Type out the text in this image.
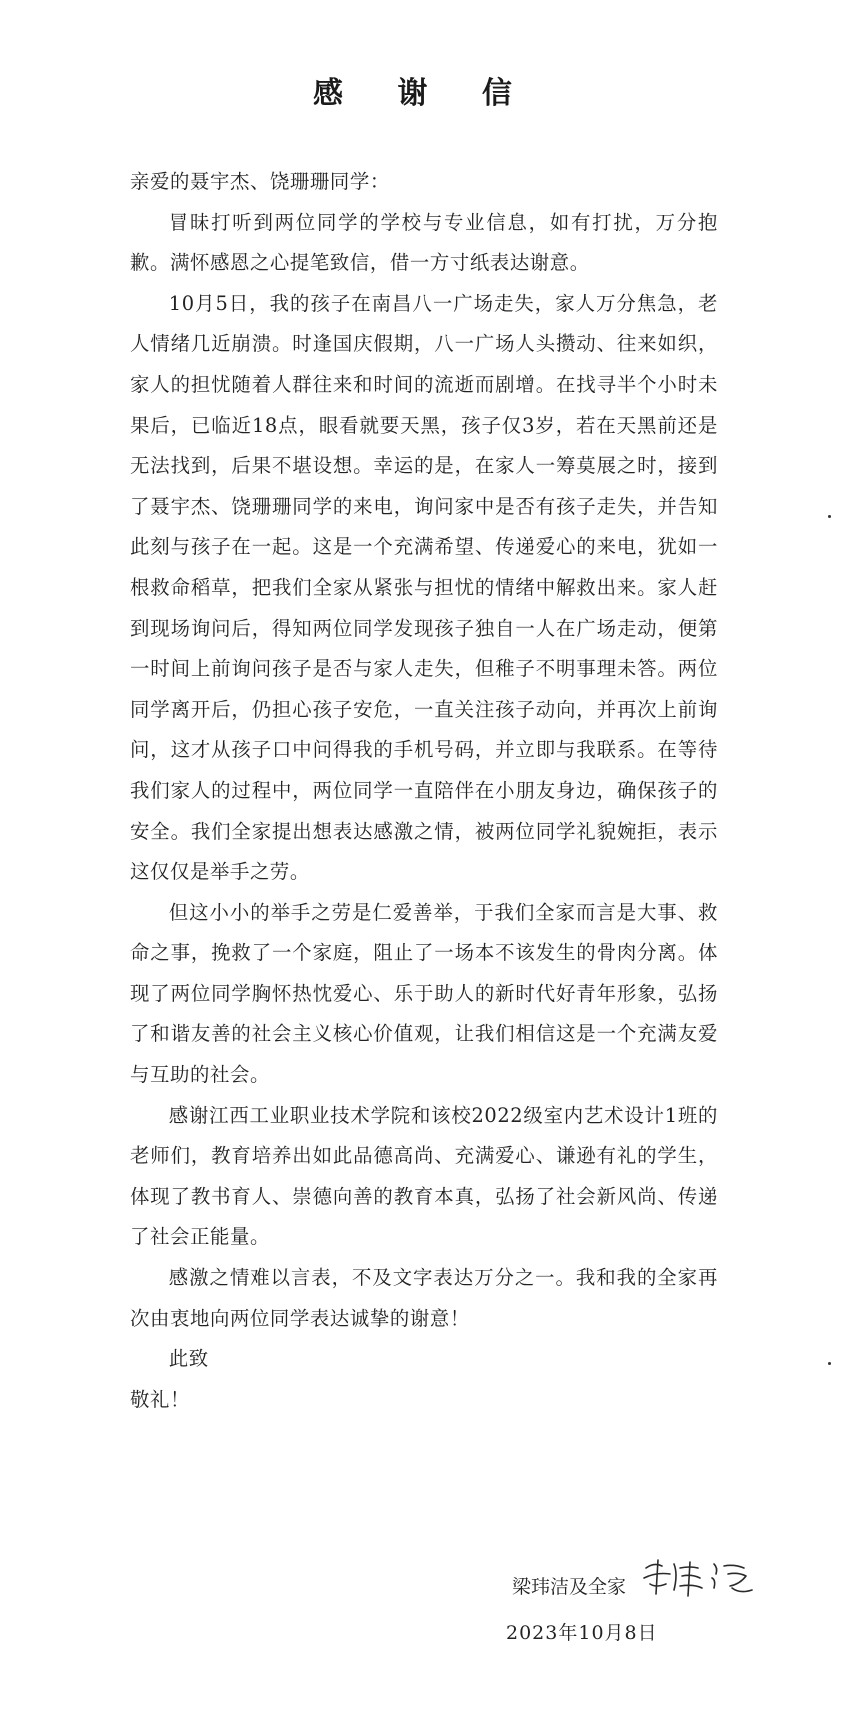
感 谢 信

亲爱的聂宇杰、饶珊珊同学：

冒昧打听到两位同学的学校与专业信息，如有打扰，万分抱歉。满怀感恩之心提笔致信，借一方寸纸表达谢意。

10月5日，我的孩子在南昌八一广场走失，家人万分焦急，老人情绪几近崩溃。时逢国庆假期，八一广场人头攒动、往来如织，家人的担忧随着人群往来和时间的流逝而剧增。在找寻半个小时未果后，已临近18点，眼看就要天黑，孩子仅3岁，若在天黑前还是无法找到，后果不堪设想。幸运的是，在家人一筹莫展之时，接到了聂宇杰、饶珊珊同学的来电，询问家中是否有孩子走失，并告知此刻与孩子在一起。这是一个充满希望、传递爱心的来电，犹如一根救命稻草，把我们全家从紧张与担忧的情绪中解救出来。家人赶到现场询问后，得知两位同学发现孩子独自一人在广场走动，便第一时间上前询问孩子是否与家人走失，但稚子不明事理未答。两位同学离开后，仍担心孩子安危，一直关注孩子动向，并再次上前询问，这才从孩子口中问得我的手机号码，并立即与我联系。在等待我们家人的过程中，两位同学一直陪伴在小朋友身边，确保孩子的安全。我们全家提出想表达感激之情，被两位同学礼貌婉拒，表示这仅仅是举手之劳。

但这小小的举手之劳是仁爱善举，于我们全家而言是大事、救命之事，挽救了一个家庭，阻止了一场本不该发生的骨肉分离。体现了两位同学胸怀热忱爱心、乐于助人的新时代好青年形象，弘扬了和谐友善的社会主义核心价值观，让我们相信这是一个充满友爱与互助的社会。

感谢江西工业职业技术学院和该校2022级室内艺术设计1班的老师们，教育培养出如此品德高尚、充满爱心、谦逊有礼的学生，体现了教书育人、崇德向善的教育本真，弘扬了社会新风尚、传递了社会正能量。

感激之情难以言表，不及文字表达万分之一。我和我的全家再次由衷地向两位同学表达诚挚的谢意！

此致

敬礼！

梁玮洁及全家
2023年10月8日
